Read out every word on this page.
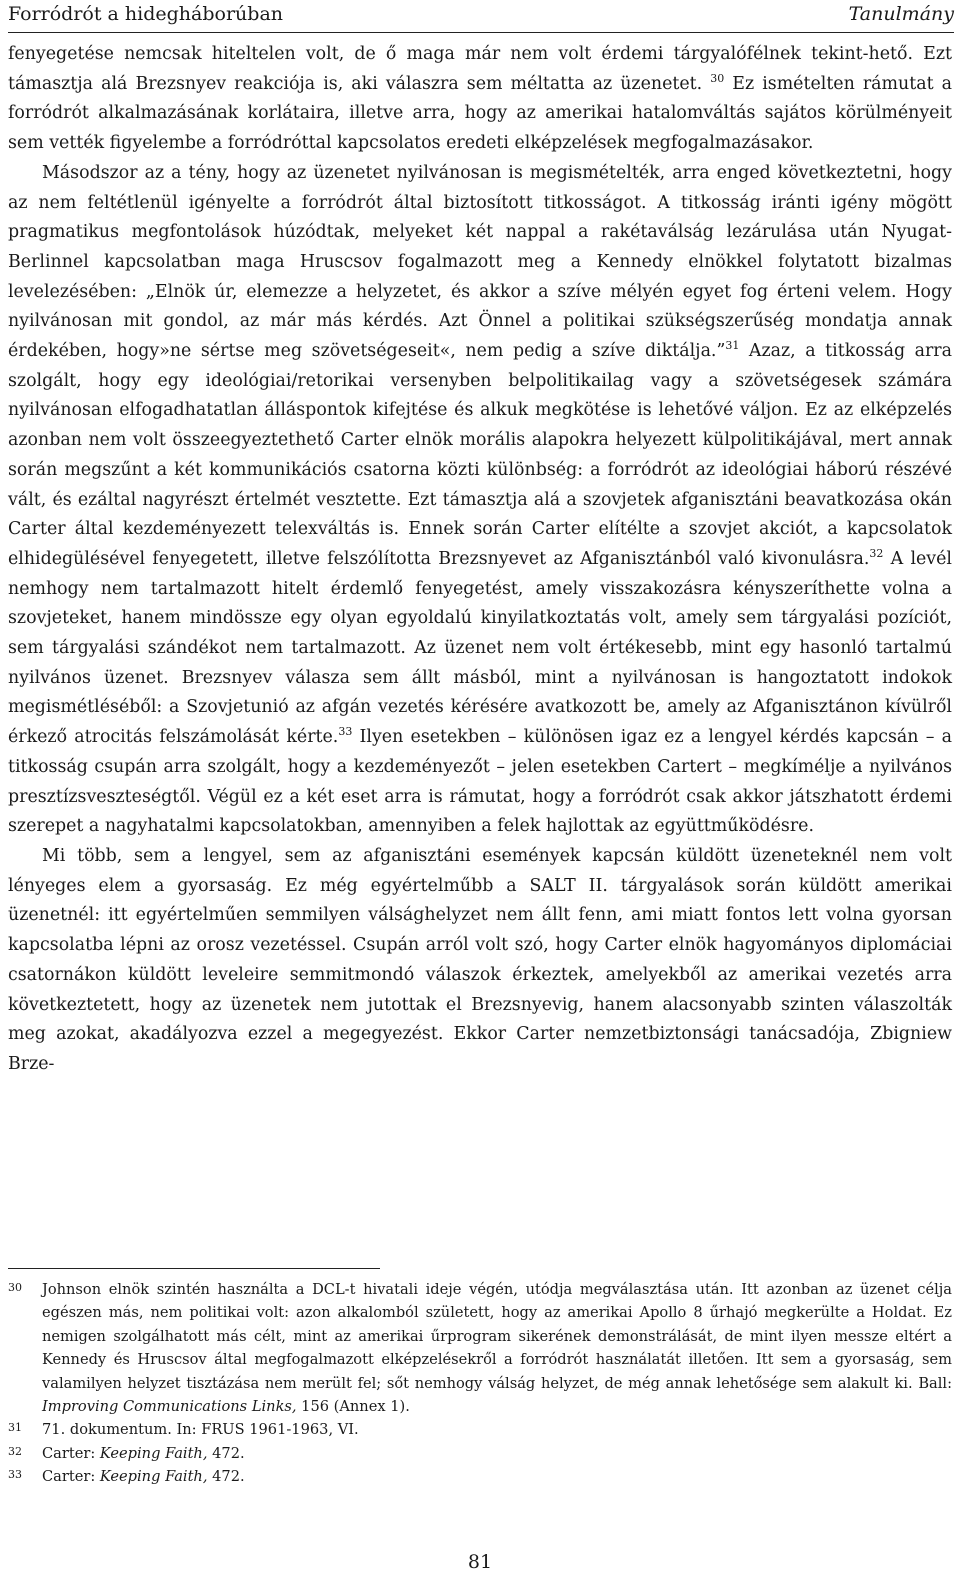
Forródrót a hidegháborúban	Tanulmány

fenyegetése nemcsak hiteltelen volt, de ő maga már nem volt érdemi tárgyalófélnek tekint-hető. Ezt támasztja alá Brezsnyev reakciója is, aki válaszra sem méltatta az üzenetet. $^{30}$ Ez ismételten rámutat a forródrót alkalmazásának korlátaira, illetve arra, hogy az amerikai hatalomváltás sajátos körülményeit sem vették figyelembe a forródróttal kapcsolatos eredeti elképzelések megfogalmazásakor.

Másodszor az a tény, hogy az üzenetet nyilvánosan is megismételték, arra enged következtetni, hogy az nem feltétlenül igényelte a forródrót által biztosított titkosságot. A titkosság iránti igény mögött pragmatikus megfontolások húzódtak, melyeket két nappal a rakétaválság lezárulása után Nyugat-Berlinnel kapcsolatban maga Hruscsov fogalmazott meg a Kennedy elnökkel folytatott bizalmas levelezésében: „Elnök úr, elemezze a helyzetet, és akkor a szíve mélyén egyet fog érteni velem. Hogy nyilvánosan mit gondol, az már más kérdés. Azt Önnel a politikai szükségszerűség mondatja annak érdekében, hogy»ne sértse meg szövetségeseit«, nem pedig a szíve diktálja.”$^{31}$ Azaz, a titkosság arra szolgált, hogy egy ideológiai/retorikai versenyben belpolitikailag vagy a szövetségesek számára nyilvánosan elfogadhatatlan álláspontok kifejtése és alkuk megkötése is lehetővé váljon. Ez az elképzelés azonban nem volt összeegyeztethető Carter elnök morális alapokra helyezett külpolitikájával, mert annak során megszűnt a két kommunikációs csatorna közti különbség: a forródrót az ideológiai háború részévé vált, és ezáltal nagyrészt értelmét vesztette. Ezt támasztja alá a szovjetek afganisztáni beavatkozása okán Carter által kezdeményezett telexváltás is. Ennek során Carter elítélte a szovjet akciót, a kapcsolatok elhidegülésével fenyegetett, illetve felszólította Brezsnyevet az Afganisztánból való kivonulásra.$^{32}$ A levél nemhogy nem tartalmazott hitelt érdemlő fenyegetést, amely visszakozásra kényszeríthette volna a szovjeteket, hanem mindössze egy olyan egyoldalú kinyilatkoztatás volt, amely sem tárgyalási pozíciót, sem tárgyalási szándékot nem tartalmazott. Az üzenet nem volt értékesebb, mint egy hasonló tartalmú nyilvános üzenet. Brezsnyev válasza sem állt másból, mint a nyilvánosan is hangoztatott indokok megismétléséből: a Szovjetunió az afgán vezetés kérésére avatkozott be, amely az Afganisztánon kívülről érkező atrocitás felszámolását kérte.$^{33}$ Ilyen esetekben – különösen igaz ez a lengyel kérdés kapcsán – a titkosság csupán arra szolgált, hogy a kezdeményezőt – jelen esetekben Cartert – megkímélje a nyilvános presztízsveszteségtől. Végül ez a két eset arra is rámutat, hogy a forródrót csak akkor játszhatott érdemi szerepet a nagyhatalmi kapcsolatokban, amennyiben a felek hajlottak az együttműködésre.

Mi több, sem a lengyel, sem az afganisztáni események kapcsán küldött üzeneteknél nem volt lényeges elem a gyorsaság. Ez még egyértelműbb a SALT II. tárgyalások során küldött amerikai üzenetnél: itt egyértelműen semmilyen válsághelyzet nem állt fenn, ami miatt fontos lett volna gyorsan kapcsolatba lépni az orosz vezetéssel. Csupán arról volt szó, hogy Carter elnök hagyományos diplomáciai csatornákon küldött leveleire semmitmondó válaszok érkeztek, amelyekből az amerikai vezetés arra következtetett, hogy az üzenetek nem jutottak el Brezsnyevig, hanem alacsonyabb szinten válaszolták meg azokat, akadályozva ezzel a megegyezést. Ekkor Carter nemzetbiztonsági tanácsadója, Zbigniew Brze-

30	Johnson elnök szintén használta a DCL-t hivatali ideje végén, utódja megválasztása után. Itt azonban az üzenet célja egészen más, nem politikai volt: azon alkalomból született, hogy az amerikai Apollo 8 űrhajó megkerülte a Holdat. Ez nemigen szolgálhatott más célt, mint az amerikai űrprogram sikerének demonstrálását, de mint ilyen messze eltért a Kennedy és Hruscsov által megfogalmazott elképzelésekről a forródrót használatát illetően. Itt sem a gyorsaság, sem valamilyen helyzet tisztázása nem merült fel; sőt nemhogy válság helyzet, de még annak lehetősége sem alakult ki. Ball: Improving Communications Links, 156 (Annex 1).
31	71. dokumentum. In: FRUS 1961-1963, VI.
32	Carter: Keeping Faith, 472.
33	Carter: Keeping Faith, 472.
81
